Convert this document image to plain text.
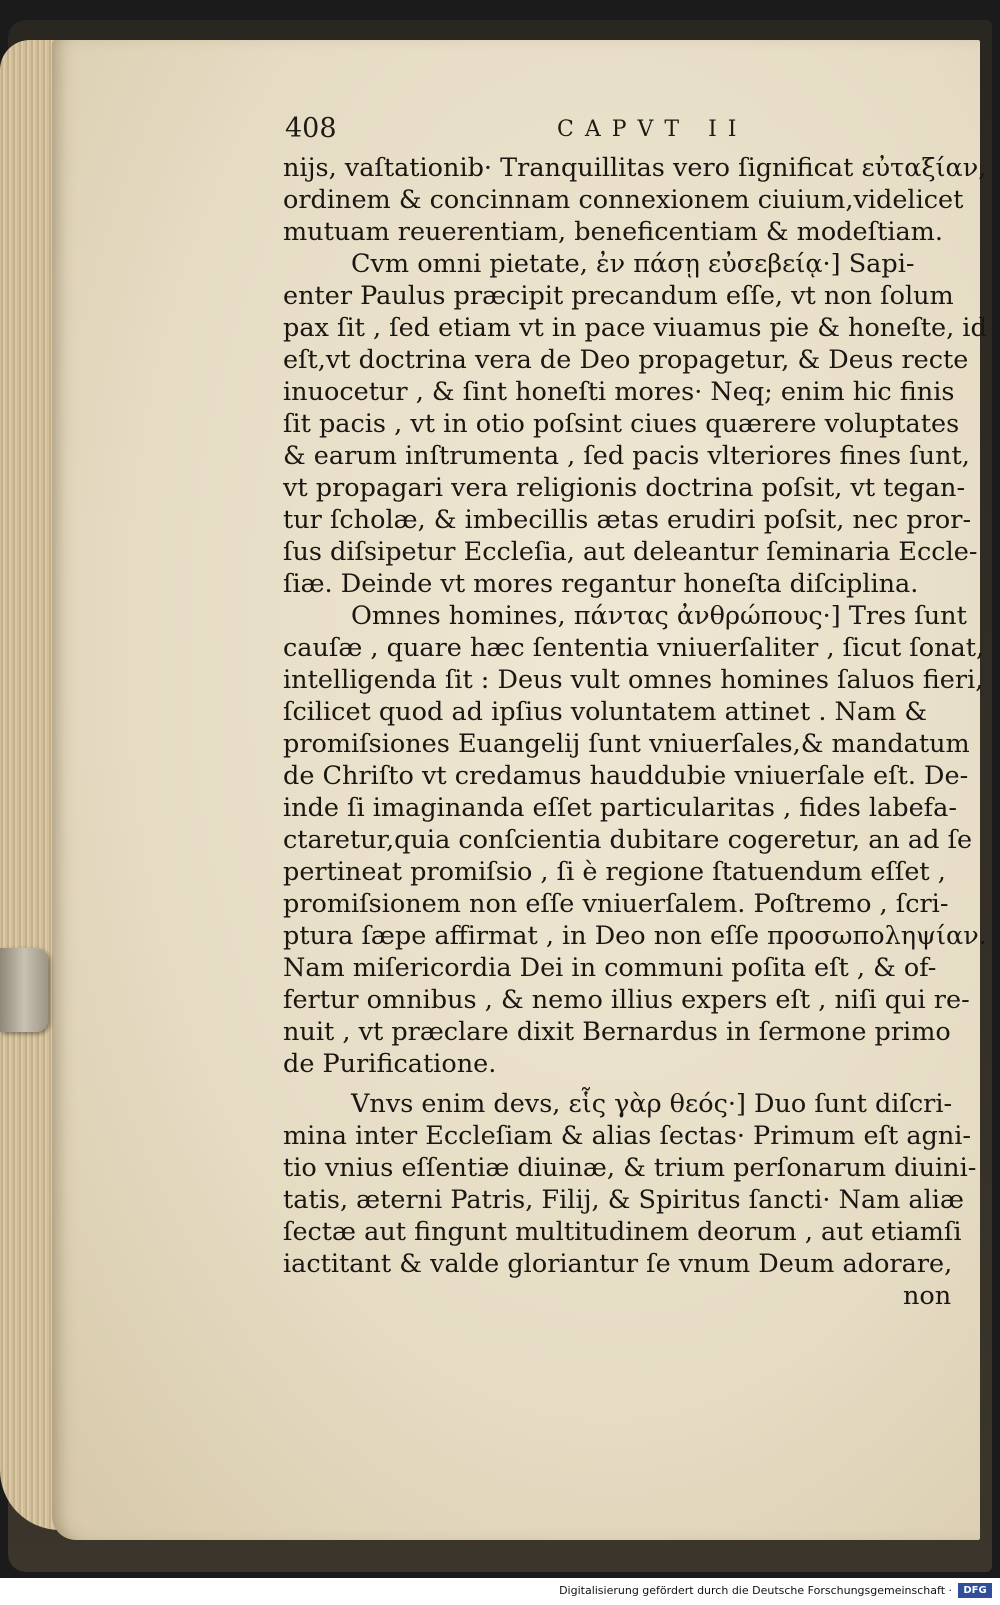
408	CAPVT II
nijs, vaſtationib· Tranquillitas vero ſignificat εὐταξίαν,
ordinem & concinnam connexionem ciuium,videlicet
mutuam reuerentiam, beneficentiam & modeſtiam.
Cvm omni pietate, ἐν πάσῃ εὐσεβείᾳ·] Sapi-
enter Paulus præcipit precandum eſſe, vt non ſolum
pax ſit , ſed etiam vt in pace viuamus pie & honeſte, id
eſt,vt doctrina vera de Deo propagetur, & Deus recte
inuocetur , & ſint honeſti mores· Neq; enim hic finis
ſit pacis , vt in otio poſsint ciues quærere voluptates
& earum inſtrumenta , ſed pacis vlteriores fines ſunt,
vt propagari vera religionis doctrina poſsit, vt tegan-
tur ſcholæ, & imbecillis ætas erudiri poſsit, nec pror-
ſus diſsipetur Eccleſia, aut deleantur ſeminaria Eccle-
ſiæ. Deinde vt mores regantur honeſta diſciplina.
Omnes homines, πάντας ἀνθρώπους·] Tres ſunt
cauſæ , quare hæc ſententia vniuerſaliter , ſicut ſonat,
intelligenda ſit : Deus vult omnes homines ſaluos fieri,
ſcilicet quod ad ipſius voluntatem attinet . Nam &
promiſsiones Euangelij ſunt vniuerſales,& mandatum
de Chriſto vt credamus hauddubie vniuerſale eſt. De-
inde ſi imaginanda eſſet particularitas , fides labefa-
ctaretur,quia conſcientia dubitare cogeretur, an ad ſe
pertineat promiſsio , ſi è regione ſtatuendum eſſet ,
promiſsionem non eſſe vniuerſalem. Poſtremo , ſcri-
ptura ſæpe affirmat , in Deo non eſſe προσωποληψίαν.
Nam miſericordia Dei in communi poſita eſt , & of-
fertur omnibus , & nemo illius expers eſt , niſi qui re-
nuit , vt præclare dixit Bernardus in ſermone primo
de Purificatione.
Vnvs enim devs, εἷς γὰρ θεός·] Duo ſunt diſcri-
mina inter Eccleſiam & alias ſectas· Primum eſt agni-
tio vnius eſſentiæ diuinæ, & trium perſonarum diuini-
tatis, æterni Patris, Filij, & Spiritus ſancti· Nam aliæ
ſectæ aut fingunt multitudinem deorum , aut etiamſi
iactitant & valde gloriantur ſe vnum Deum adorare,
non
Digitalisierung gefördert durch die Deutsche Forschungsgemeinschaft ·	DFG
